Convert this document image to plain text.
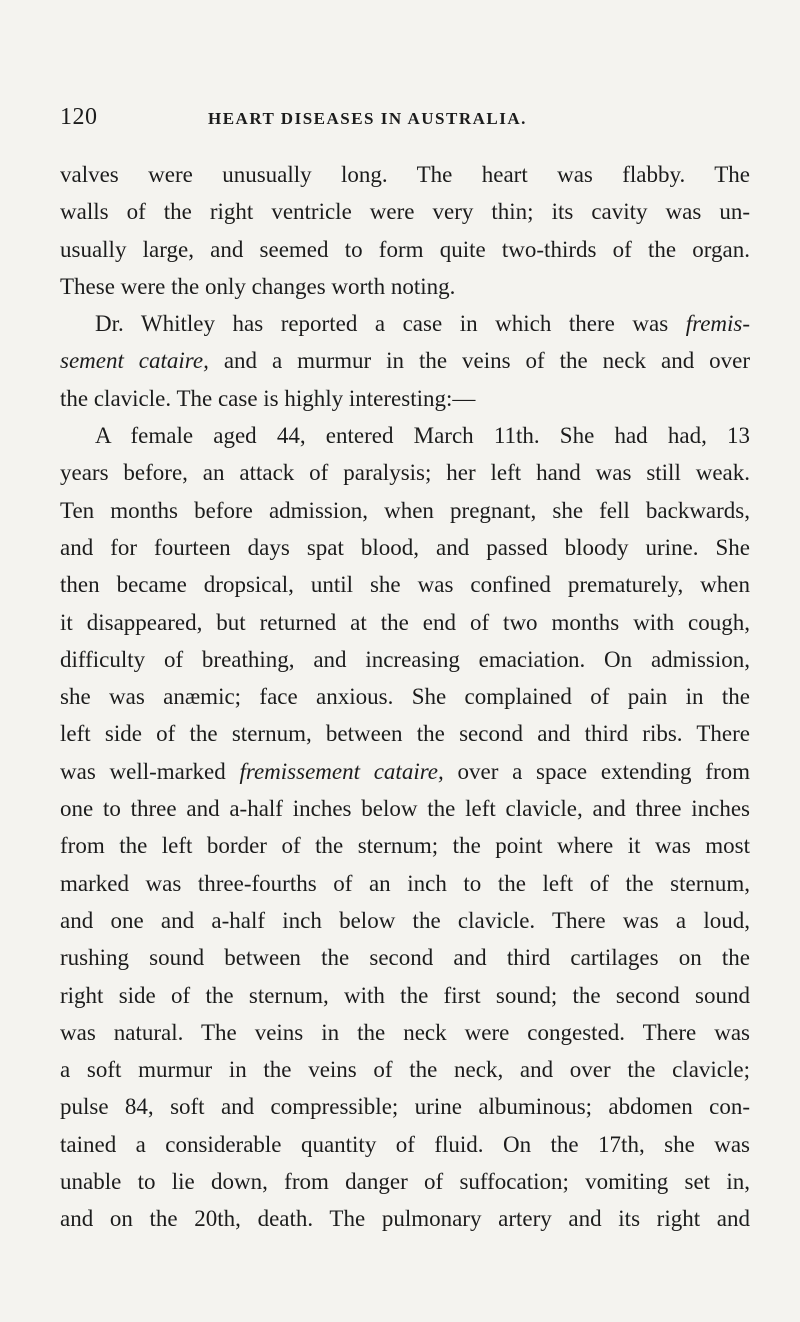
120	HEART DISEASES IN AUSTRALIA.
valves were unusually long. The heart was flabby. The
walls of the right ventricle were very thin; its cavity was un-
usually large, and seemed to form quite two-thirds of the organ.
These were the only changes worth noting.
Dr. Whitley has reported a case in which there was fremis-
sement cataire, and a murmur in the veins of the neck and over
the clavicle. The case is highly interesting:—
A female aged 44, entered March 11th. She had had, 13
years before, an attack of paralysis; her left hand was still weak.
Ten months before admission, when pregnant, she fell backwards,
and for fourteen days spat blood, and passed bloody urine. She
then became dropsical, until she was confined prematurely, when
it disappeared, but returned at the end of two months with cough,
difficulty of breathing, and increasing emaciation. On admission,
she was anæmic; face anxious. She complained of pain in the
left side of the sternum, between the second and third ribs. There
was well-marked fremissement cataire, over a space extending from
one to three and a-half inches below the left clavicle, and three inches
from the left border of the sternum; the point where it was most
marked was three-fourths of an inch to the left of the sternum,
and one and a-half inch below the clavicle. There was a loud,
rushing sound between the second and third cartilages on the
right side of the sternum, with the first sound; the second sound
was natural. The veins in the neck were congested. There was
a soft murmur in the veins of the neck, and over the clavicle;
pulse 84, soft and compressible; urine albuminous; abdomen con-
tained a considerable quantity of fluid. On the 17th, she was
unable to lie down, from danger of suffocation; vomiting set in,
and on the 20th, death. The pulmonary artery and its right and
